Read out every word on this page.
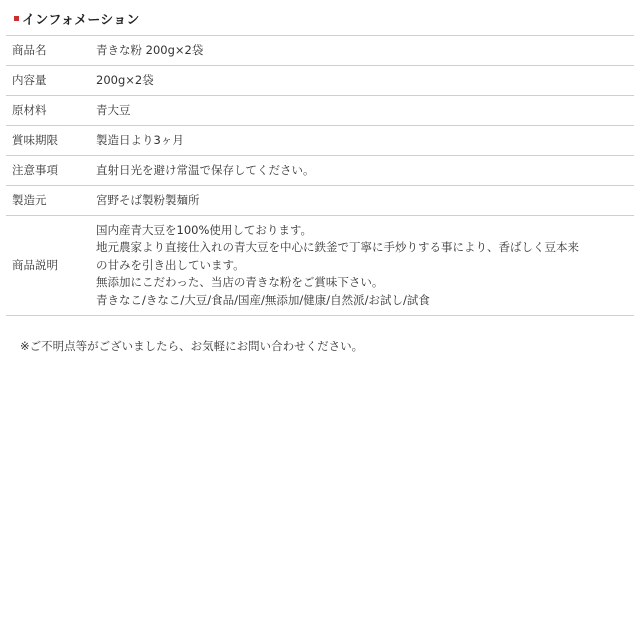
インフォメーション
商品名	青きな粉 200g×2袋
内容量	200g×2袋
原材料	青大豆
賞味期限	製造日より3ヶ月
注意事項	直射日光を避け常温で保存してください。
製造元	宮野そば製粉製麺所
商品説明	国内産青大豆を100%使用しております。
地元農家より直接仕入れの青大豆を中心に鉄釜で丁寧に手炒りする事により、香ばしく豆本来
の甘みを引き出しています。
無添加にこだわった、当店の青きな粉をご賞味下さい。
青きなこ/きなこ/大豆/食品/国産/無添加/健康/自然派/お試し/試食
※ご不明点等がございましたら、お気軽にお問い合わせください。
